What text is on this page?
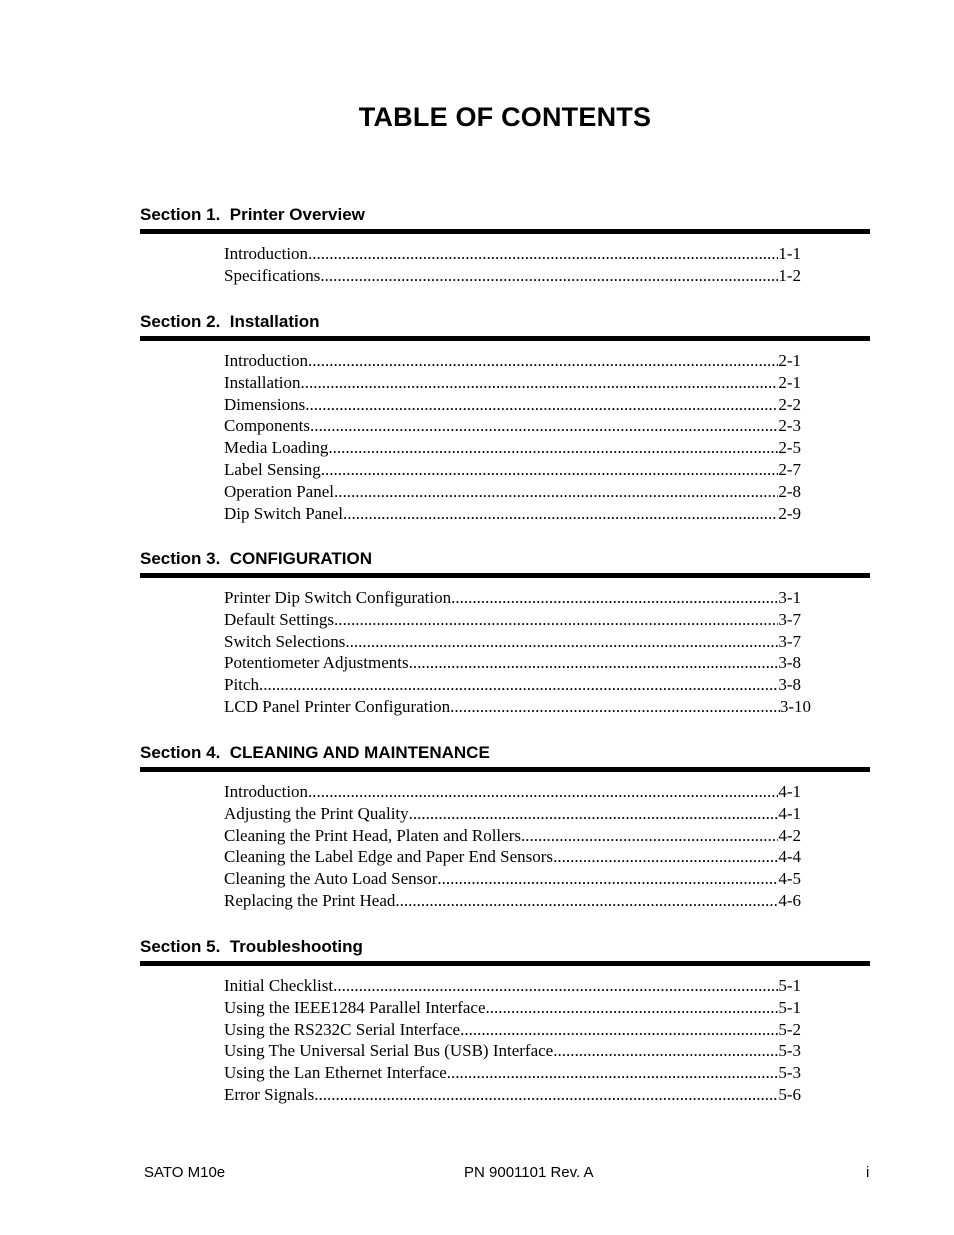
TABLE OF CONTENTS
Section 1.  Printer Overview
Introduction .....	1-1
Specifications .....	1-2
Section 2.  Installation
Introduction .....	2-1
Installation .....	2-1
Dimensions .....	2-2
Components .....	2-3
Media Loading .....	2-5
Label Sensing .....	2-7
Operation Panel .....	2-8
Dip Switch Panel .....	2-9
Section 3.  CONFIGURATION
Printer Dip Switch Configuration .....	3-1
Default Settings .....	3-7
Switch Selections .....	3-7
Potentiometer Adjustments .....	3-8
Pitch .....	3-8
LCD Panel Printer Configuration .....	3-10
Section 4.  CLEANING AND MAINTENANCE
Introduction .....	4-1
Adjusting the Print Quality .....	4-1
Cleaning the Print Head, Platen and Rollers .....	4-2
Cleaning the Label Edge and Paper End Sensors .....	4-4
Cleaning the Auto Load Sensor .....	4-5
Replacing the Print Head .....	4-6
Section 5.  Troubleshooting
Initial Checklist .....	5-1
Using the IEEE1284 Parallel Interface .....	5-1
Using the RS232C Serial Interface .....	5-2
Using The Universal Serial Bus (USB) Interface .....	5-3
Using the Lan Ethernet Interface .....	5-3
Error Signals .....	5-6
SATO M10e	PN 9001101 Rev. A	i
